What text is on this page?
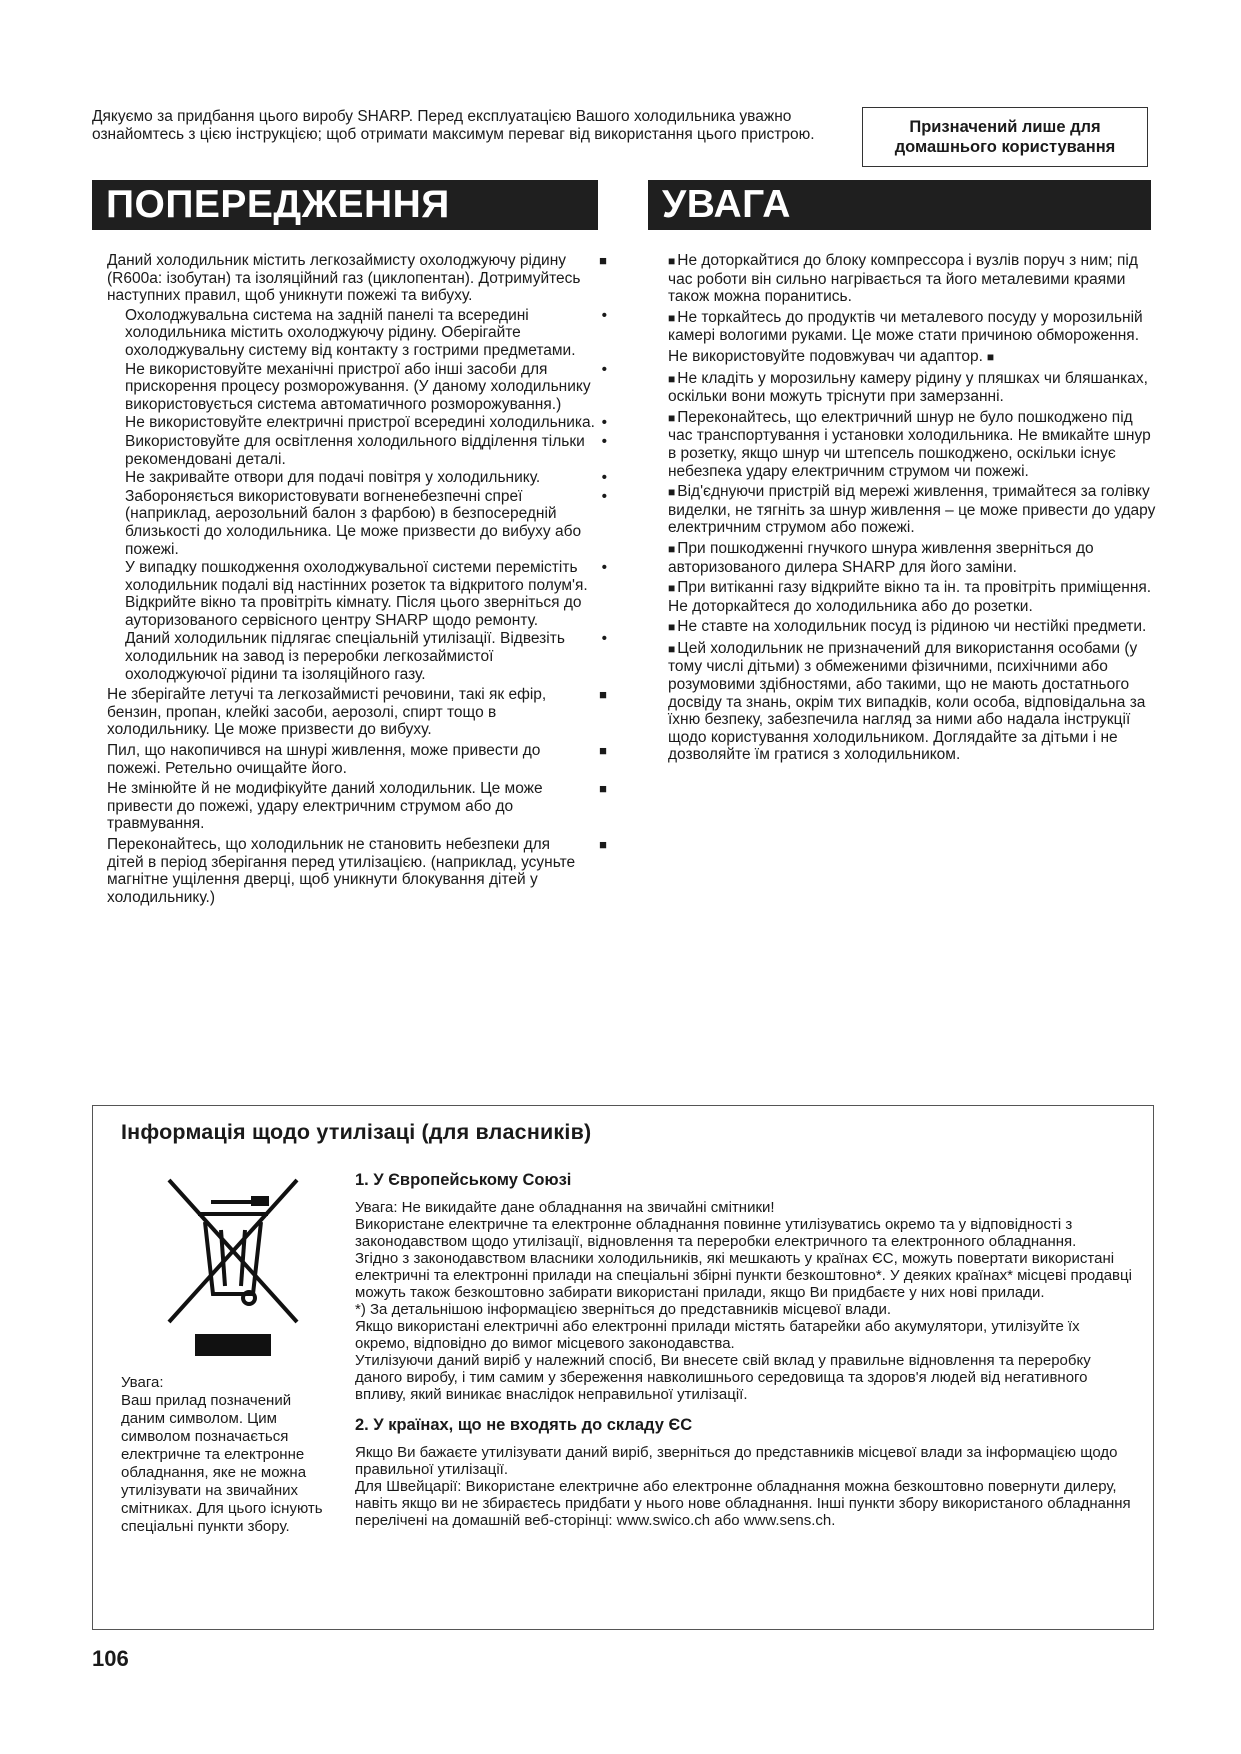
Дякуємо за придбання цього виробу SHARP. Перед експлуатацією Вашого холодильника уважно ознайомтесь з цією інструкцією; щоб отримати максимум переваг від використання цього пристрою.	Призначений лише для домашнього користування
ПОПЕРЕДЖЕННЯ	УВАГА
Даний холодильник містить легкозаймисту охолоджуючу рідину (R600a: ізобутан) та ізоляційний газ (циклопентан). Дотримуйтесь наступних правил, щоб уникнути пожежі та вибуху.
■
Охолоджувальна система на задній панелі та всередині холодильника містить охолоджуючу рідину. Оберігайте охолоджувальну систему від контакту з гострими предметами.
•
Не використовуйте механічні пристрої або інші засоби для прискорення процесу розморожування. (У даному холодильнику використовується система автоматичного розморожування.)
•
Не використовуйте електричні пристрої всередині холодильника. •
Використовуйте для освітлення холодильного відділення тільки рекомендовані деталі.
•
Не закривайте отвори для подачі повітря у холодильнику.	•
Забороняється використовувати вогненебезпечні спреї (наприклад, аерозольний балон з фарбою) в безпосередній близькості до холодильника. Це може призвести до вибуху або пожежі.
•
У випадку пошкодження охолоджувальної системи перемістіть холодильник подалі від настінних розеток та відкритого полум'я. Відкрийте вікно та провітріть кімнату. Після цього зверніться до ауторизованого сервісного центру SHARP щодо ремонту.
•
Даний холодильник підлягає спеціальній утилізації. Відвезіть холодильник на завод із переробки легкозаймистої охолоджуючої рідини та ізоляційного газу.
•
Не зберігайте летучі та легкозаймисті речовини, такі як ефір, бензин, пропан, клейкі засоби, аерозолі, спирт тощо в холодильнику. Це може призвести до вибуху.
■
Пил, що накопичився на шнурі живлення, може привести до пожежі. Ретельно очищайте його.
■
Не змінюйте й не модифікуйте даний холодильник. Це може привести до пожежі, удару електричним струмом або до травмування.
■
Переконайтесь, що холодильник не становить небезпеки для дітей в період зберігання перед утилізацією. (наприклад, усуньте магнітне ущілення дверці, щоб уникнути блокування дітей у холодильнику.)
■
■ Не доторкайтися до блоку компрессора і вузлів поруч з ним; під час роботи він сильно нагрівається та його металевими краями також можна поранитись.
■ Не торкайтесь до продуктів чи металевого посуду у морозильній камері вологими руками. Це може стати причиною обмороження.
Не використовуйте подовжувач чи адаптор. ■
■ Не кладіть у морозильну камеру рідину у пляшках чи бляшанках, оскільки вони можуть тріснути при замерзанні.
■ Переконайтесь, що електричний шнур не було пошкоджено під час транспортування і установки холодильника. Не вмикайте шнур в розетку, якщо шнур чи штепсель пошкоджено, оскільки існує небезпека удару електричним струмом чи пожежі.
■ Від'єднуючи пристрій від мережі живлення, тримайтеся за голівку виделки, не тягніть за шнур живлення – це може привести до удару електричним струмом або пожежі.
■ При пошкодженні гнучкого шнура живлення зверніться до авторизованого дилера SHARP для його заміни.
■ При витіканні газу відкрийте вікно та ін. та провітріть приміщення. Не доторкайтеся до холодильника або до розетки.
■ Не ставте на холодильник посуд із рідиною чи нестійкі предмети.
■ Цей холодильник не призначений для використання особами (у тому числі дітьми) з обмеженими фізичними, психічними або розумовими здібностями, або такими, що не мають достатнього досвіду та знань, окрім тих випадків, коли особа, відповідальна за їхню безпеку, забезпечила нагляд за ними або надала інструкції щодо користування холодильником. Доглядайте за дітьми і не дозволяйте їм гратися з холодильником.
Інформація щодо утилізаці (для власників)
Увага:
Ваш прилад позначений даним символом. Цим символом позначається електричне та електронне обладнання, яке не можна утилізувати на звичайних смітниках. Для цього існують спеціальні пункти збору.
1. У Європейському Союзі

Увага: Не викидайте дане обладнання на звичайні смітники!
Використане електричне та електронне обладнання повинне утилізуватись окремо та у відповідності з законодавством щодо утилізації, відновлення та переробки електричного та електронного обладнання.
Згідно з законодавством власники холодильників, які мешкають у країнах ЄС, можуть повертати використані електричні та електронні прилади на спеціальні збірні пункти безкоштовно*. У деяких країнах* місцеві продавці можуть також безкоштовно забирати використані прилади, якщо Ви придбаєте у них нові прилади.
*) За детальнішою інформацією зверніться до представників місцевої влади.
Якщо використані електричні або електронні прилади містять батарейки або акумулятори, утилізуйте їх окремо, відповідно до вимог місцевого законодавства.
Утилізуючи даний виріб у належний спосіб, Ви внесете свій вклад у правильне відновлення та переробку даного виробу, і тим самим у збереження навколишнього середовища та здоров'я людей від негативного впливу, який виникає внаслідок неправильної утилізації.

2. У країнах, що не входять до складу ЄС

Якщо Ви бажаєте утилізувати даний виріб, зверніться до представників місцевої влади за інформацією щодо правильної утилізації.
Для Швейцарії: Використане електричне або електронне обладнання можна безкоштовно повернути дилеру, навіть якщо ви не збираєтесь придбати у нього нове обладнання. Інші пункти збору використаного обладнання перелічені на домашній веб-сторінці: www.swico.ch або www.sens.ch.

106
